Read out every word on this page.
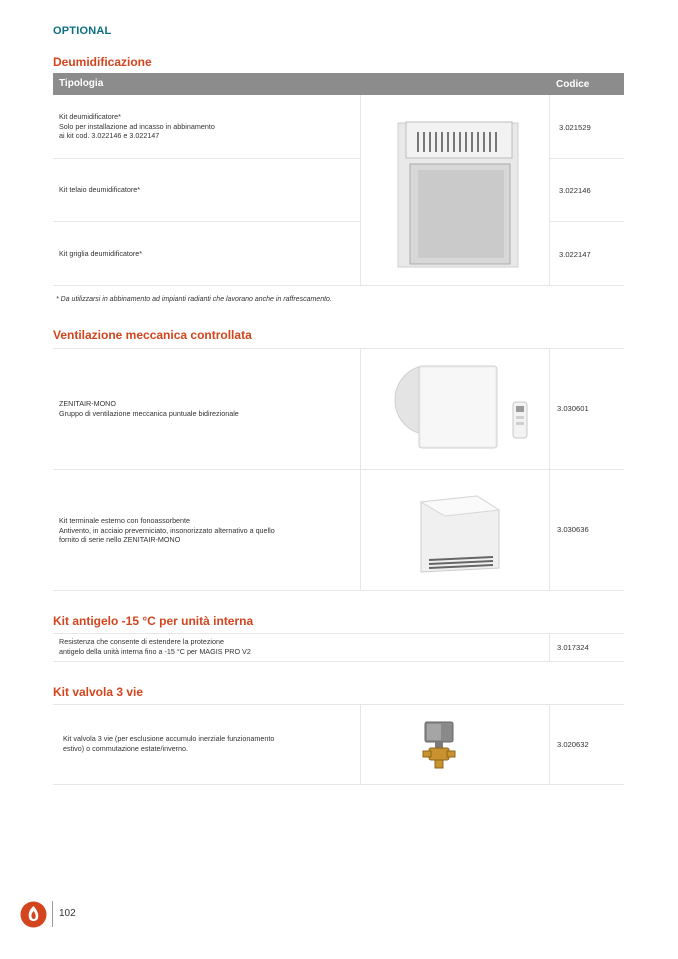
OPTIONAL
Deumidificazione
Tipologia	Codice
Kit deumidificatore*
Solo per installazione ad incasso in abbinamento
ai kit cod. 3.022146 e 3.022147
3.021529
Kit telaio deumidificatore*	3.022146
Kit griglia deumidificatore*	3.022147
* Da utilizzarsi in abbinamento ad impianti radianti che lavorano anche in raffrescamento.
Ventilazione meccanica controllata
ZENITAIR-MONO
Gruppo di ventilazione meccanica puntuale bidirezionale
3.030601
Kit terminale esterno con fonoassorbente
Antivento, in acciaio preverniciato, insonorizzato alternativo a quello
fornito di serie nello ZENITAIR-MONO
3.030636
Kit antigelo -15 °C per unità interna
Resistenza che consente di estendere la protezione
antigelo della unità interna fino a -15 °C per MAGIS PRO V2	3.017324
Kit valvola 3 vie
Kit valvola 3 vie (per esclusione accumulo inerziale funzionamento
estivo) o commutazione estate/inverno.	3.020632
102
